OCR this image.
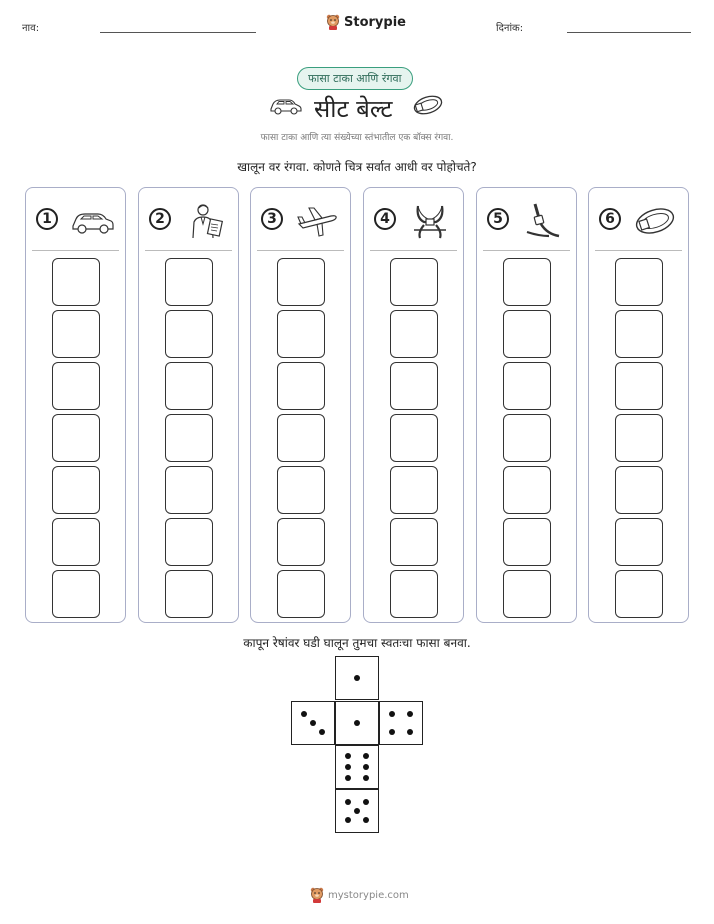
नाव:	Storypie	दिनांक:
फासा टाका आणि रंगवा
सीट बेल्ट
फासा टाका आणि त्या संख्येच्या स्तंभातील एक बॉक्स रंगवा.
खालून वर रंगवा. कोणते चित्र सर्वात आधी वर पोहोचते?
1	2	3	4	5	6
कापून रेषांवर घडी घालून तुमचा स्वतःचा फासा बनवा.
mystorypie.com
